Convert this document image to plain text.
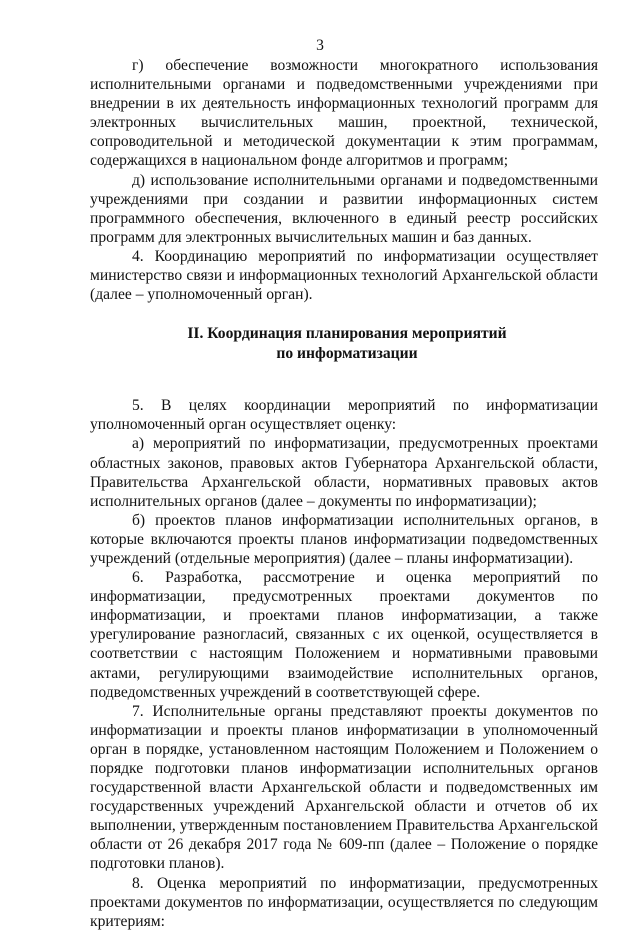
3

г) обеспечение возможности многократного использования исполнительными органами и подведомственными учреждениями при внедрении в их деятельность информационных технологий программ для электронных вычислительных машин, проектной, технической, сопроводительной и методической документации к этим программам, содержащихся в национальном фонде алгоритмов и программ;

д) использование исполнительными органами и подведомственными учреждениями при создании и развитии информационных систем программного обеспечения, включенного в единый реестр российских программ для электронных вычислительных машин и баз данных.

4. Координацию мероприятий по информатизации осуществляет министерство связи и информационных технологий Архангельской области (далее – уполномоченный орган).

II. Координация планирования мероприятий
по информатизации

5. В целях координации мероприятий по информатизации уполномоченный орган осуществляет оценку:

а) мероприятий по информатизации, предусмотренных проектами областных законов, правовых актов Губернатора Архангельской области, Правительства Архангельской области, нормативных правовых актов исполнительных органов (далее – документы по информатизации);

б) проектов планов информатизации исполнительных органов, в которые включаются проекты планов информатизации подведомственных учреждений (отдельные мероприятия) (далее – планы информатизации).

6. Разработка, рассмотрение и оценка мероприятий по информатизации, предусмотренных проектами документов по информатизации, и проектами планов информатизации, а также урегулирование разногласий, связанных с их оценкой, осуществляется в соответствии с настоящим Положением и нормативными правовыми актами, регулирующими взаимодействие исполнительных органов, подведомственных учреждений в соответствующей сфере.

7. Исполнительные органы представляют проекты документов по информатизации и проекты планов информатизации в уполномоченный орган в порядке, установленном настоящим Положением и Положением о порядке подготовки планов информатизации исполнительных органов государственной власти Архангельской области и подведомственных им государственных учреждений Архангельской области и отчетов об их выполнении, утвержденным постановлением Правительства Архангельской области от 26 декабря 2017 года № 609-пп (далее – Положение о порядке подготовки планов).

8. Оценка мероприятий по информатизации, предусмотренных проектами документов по информатизации, осуществляется по следующим критериям:
